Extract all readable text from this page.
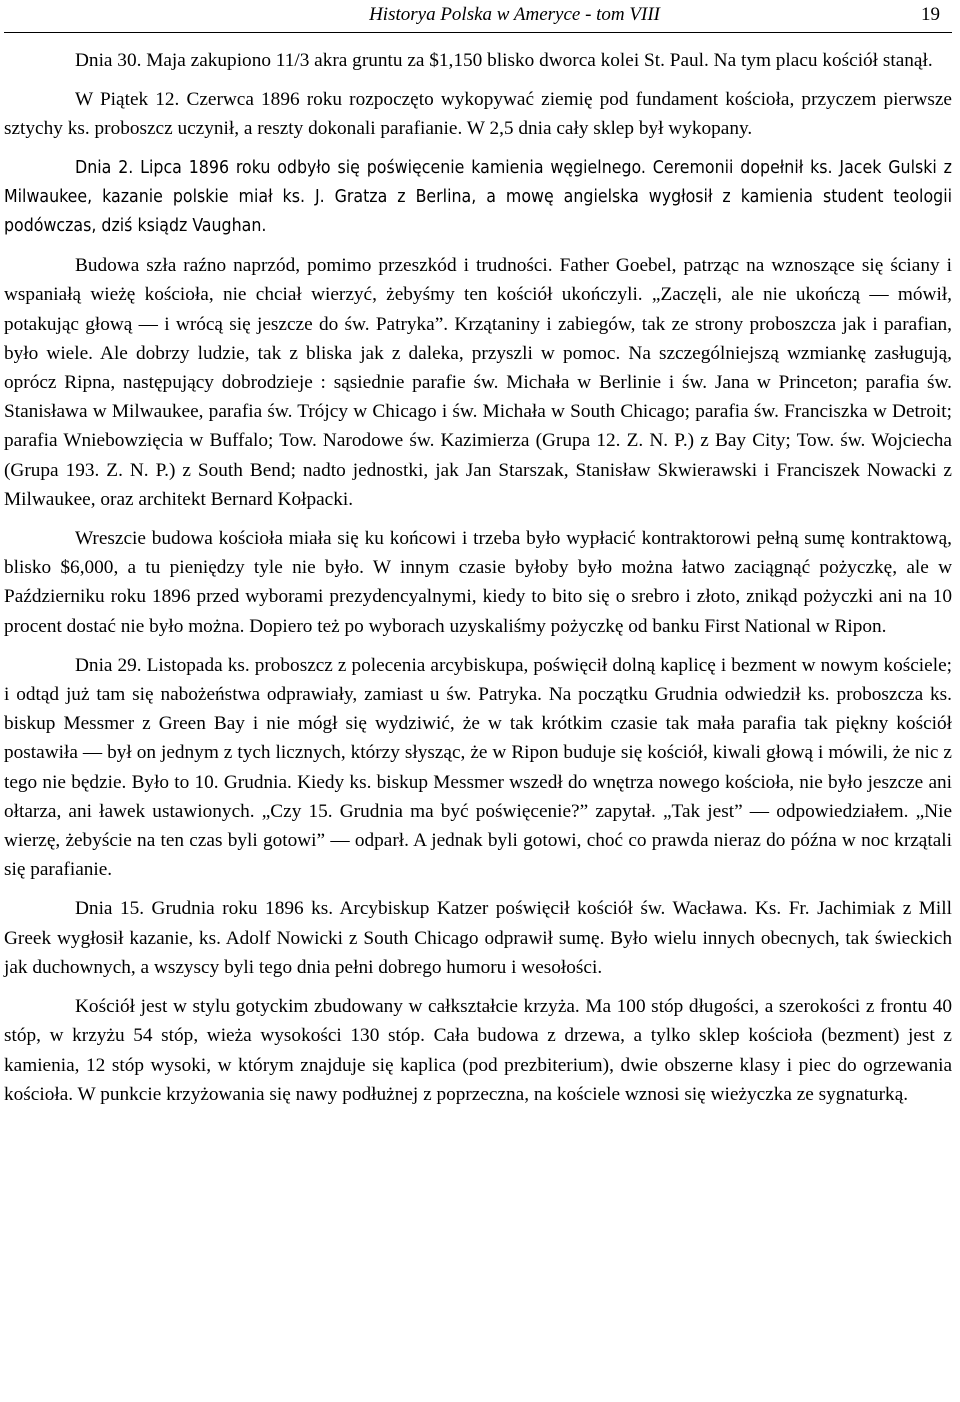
Historya Polska w Ameryce - tom VIII	19

Dnia 30. Maja zakupiono 11/3 akra gruntu za $1,150 blisko dworca kolei St. Paul. Na tym placu kościół stanął.

W Piątek 12. Czerwca 1896 roku rozpoczęto wykopywać ziemię pod fundament kościoła, przyczem pierwsze sztychy ks. proboszcz uczynił, a reszty dokonali parafianie. W 2,5 dnia cały sklep był wykopany.

Dnia 2. Lipca 1896 roku odbyło się poświęcenie kamienia węgielnego. Ceremonii dopełnił ks. Jacek Gulski z Milwaukee, kazanie polskie miał ks. J. Gratza z Berlina, a mowę angielska wygłosił z kamienia student teologii podówczas, dziś ksiądz Vaughan.

Budowa szła raźno naprzód, pomimo przeszkód i trudności. Father Goebel, patrząc na wznoszące się ściany i wspaniałą wieżę kościoła, nie chciał wierzyć, żebyśmy ten kościół ukończyli. „Zaczęli, ale nie ukończą — mówił, potakując głową — i wrócą się jeszcze do św. Patryka”. Krzątaniny i zabiegów, tak ze strony proboszcza jak i parafian, było wiele. Ale dobrzy ludzie, tak z bliska jak z daleka, przyszli w pomoc. Na szczególniejszą wzmiankę zasługują, oprócz Ripna, następujący dobrodzieje : sąsiednie parafie św. Michała w Berlinie i św. Jana w Princeton; parafia św. Stanisława w Milwaukee, parafia św. Trójcy w Chicago i św. Michała w South Chicago; parafia św. Franciszka w Detroit; parafia Wniebowzięcia w Buffalo; Tow. Narodowe św. Kazimierza (Grupa 12. Z. N. P.) z Bay City; Tow. św. Wojciecha (Grupa 193. Z. N. P.) z South Bend; nadto jednostki, jak Jan Starszak, Stanisław Skwierawski i Franciszek Nowacki z Milwaukee, oraz architekt Bernard Kołpacki.

Wreszcie budowa kościoła miała się ku końcowi i trzeba było wypłacić kontraktorowi pełną sumę kontraktową, blisko $6,000, a tu pieniędzy tyle nie było. W innym czasie byłoby było można łatwo zaciągnąć pożyczkę, ale w Październiku roku 1896 przed wyborami prezydencyalnymi, kiedy to bito się o srebro i złoto, znikąd pożyczki ani na 10 procent dostać nie było można. Dopiero też po wyborach uzyskaliśmy pożyczkę od banku First National w Ripon.

Dnia 29. Listopada ks. proboszcz z polecenia arcybiskupa, poświęcił dolną kaplicę i bezment w nowym kościele; i odtąd już tam się nabożeństwa odprawiały, zamiast u św. Patryka. Na początku Grudnia odwiedził ks. proboszcza ks. biskup Messmer z Green Bay i nie mógł się wydziwić, że w tak krótkim czasie tak mała parafia tak piękny kościół postawiła — był on jednym z tych licznych, którzy słysząc, że w Ripon buduje się kościół, kiwali głową i mówili, że nic z tego nie będzie. Było to 10. Grudnia. Kiedy ks. biskup Messmer wszedł do wnętrza nowego kościoła, nie było jeszcze ani ołtarza, ani ławek ustawionych. „Czy 15. Grudnia ma być poświęcenie?” zapytał. „Tak jest” — odpowiedziałem. „Nie wierzę, żebyście na ten czas byli gotowi” — odparł. A jednak byli gotowi, choć co prawda nieraz do późna w noc krzątali się parafianie.

Dnia 15. Grudnia roku 1896 ks. Arcybiskup Katzer poświęcił kościół św. Wacława. Ks. Fr. Jachimiak z Mill Greek wygłosił kazanie, ks. Adolf Nowicki z South Chicago odprawił sumę. Było wielu innych obecnych, tak świeckich jak duchownych, a wszyscy byli tego dnia pełni dobrego humoru i wesołości.

Kościół jest w stylu gotyckim zbudowany w całkształcie krzyża. Ma 100 stóp długości, a szerokości z frontu 40 stóp, w krzyżu 54 stóp, wieża wysokości 130 stóp. Cała budowa z drzewa, a tylko sklep kościoła (bezment) jest z kamienia, 12 stóp wysoki, w którym znajduje się kaplica (pod prezbiterium), dwie obszerne klasy i piec do ogrzewania kościoła. W punkcie krzyżowania się nawy podłużnej z poprzeczna, na kościele wznosi się wieżyczka ze sygnaturką.
